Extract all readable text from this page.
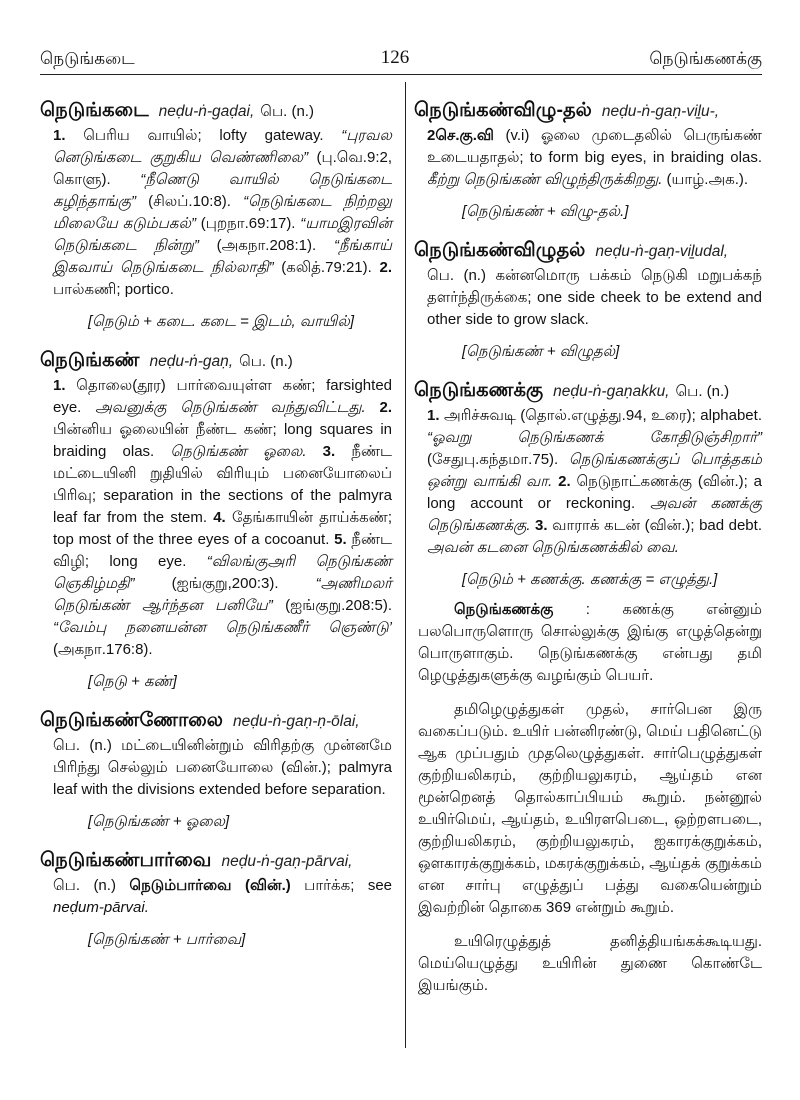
நெடுங்கடை	126	நெடுங்கணக்கு
நெடுங்கடை neḍu-ṅ-gaḍai, பெ. (n.)

1. பெரிய வாயில்; lofty gateway. “புரவல னெடுங்கடை குறுகிய வெண்ணிலை” (பு.வெ.9:2, கொளு). “நீணெடு வாயில் நெடுங்கடை கழிந்தாங்கு” (சிலப்.10:8). “நெடுங்கடை நிற்றலு மிலையே கடும்பகல்” (புறநா.69:17). “யாமஇரவின் நெடுங்கடை நின்று” (அகநா.208:1). “நீங்காய் இகவாய் நெடுங்கடை நில்லாதி” (கலித்.79:21). 2. பால்கணி; portico.

[நெடும் + கடை. கடை = இடம், வாயில்]
நெடுங்கண் neḍu-ṅ-gaṇ, பெ. (n.)

1. தொலை(தூர) பார்வையுள்ள கண்; farsighted eye. அவனுக்கு நெடுங்கண் வந்துவிட்டது. 2. பின்னிய ஓலையின் நீண்ட கண்; long squares in braiding olas. நெடுங்கண் ஓலை. 3. நீண்ட மட்டையினி றுதியில் விரியும் பனையோலைப் பிரிவு; separation in the sections of the palmyra leaf far from the stem. 4. தேங்காயின் தாய்க்கண்; top most of the three eyes of a cocoanut. 5. நீண்ட விழி; long eye. “விலங்குஅரி நெடுங்கண் ஞெகிழ்மதி” (ஐங்குறு,200:3). “அணிமலர் நெடுங்கண் ஆர்ந்தன பனியே” (ஐங்குறு.208:5). “வேம்பு நனையன்ன நெடுங்கணீர் ஞெண்டு’ (அகநா.176:8).

[நெடு + கண்]
நெடுங்கண்ணோலை neḍu-ṅ-gaṇ-ṇ-ōlai,

பெ. (n.) மட்டையினின்றும் விரிதற்கு முன்னமே பிரிந்து செல்லும் பனையோலை (வின்.); palmyra leaf with the divisions extended before separation.

[நெடுங்கண் + ஓலை]
நெடுங்கண்பார்வை neḍu-ṅ-gaṇ-pārvai,

பெ. (n.) நெடும்பார்வை (வின்.) பார்க்க; see neḍum-pārvai.

[நெடுங்கண் + பார்வை]
நெடுங்கண்விழு-தல் neḍu-ṅ-gaṇ-viḻu-,

2செ.கு.வி (v.i) ஓலை முடைதலில் பெருங்கண் உடையதாதல்; to form big eyes, in braiding olas. கீற்று நெடுங்கண் விழுந்திருக்கிறது. (யாழ்.அக.).

[நெடுங்கண் + விழு-தல்.]
நெடுங்கண்விழுதல் neḍu-ṅ-gaṇ-viḻudal,

பெ. (n.) கன்னமொரு பக்கம் நெடுகி மறுபக்கந் தளர்ந்திருக்கை; one side cheek to be extend and other side to grow slack.

[நெடுங்கண் + விழுதல்]
நெடுங்கணக்கு neḍu-ṅ-gaṇakku, பெ. (n.)

1. அரிச்சுவடி (தொல்.எழுத்து.94, உரை); alphabet. “ஓவறு நெடுங்கணக் கோதிடுஞ்சிறார்” (சேதுபு.கந்தமா.75). நெடுங்கணக்குப் பொத்தகம் ஒன்று வாங்கி வா. 2. நெடுநாட்கணக்கு (வின்.); a long account or reckoning. அவன் கணக்கு நெடுங்கணக்கு. 3. வாராக் கடன் (வின்.); bad debt. அவன் கடனை நெடுங்கணக்கில் வை.

[நெடும் + கணக்கு. கணக்கு = எழுத்து.]

நெடுங்கணக்கு : கணக்கு என்னும் பலபொருளொரு சொல்லுக்கு இங்கு எழுத்தென்று பொருளாகும். நெடுங்கணக்கு என்பது தமி ழெழுத்துகளுக்கு வழங்கும் பெயர்.

தமிழெழுத்துகள் முதல், சார்பென இரு வகைப்படும். உயிர் பன்னிரண்டு, மெய் பதினெட்டு ஆக முப்பதும் முதலெழுத்துகள். சார்பெழுத்துகள் குற்றியலிகரம், குற்றியலுகரம், ஆய்தம் என மூன்றெனத் தொல்காப்பியம் கூறும். நன்னூல் உயிர்மெய், ஆய்தம், உயிரளபெடை, ஒற்றளபடை, குற்றியலிகரம், குற்றியலுகரம், ஐகாரக்குறுக்கம், ஒளகாரக்குறுக்கம், மகரக்குறுக்கம், ஆய்தக் குறுக்கம் என சார்பு எழுத்துப் பத்து வகையென்றும் இவற்றின் தொகை 369 என்றும் கூறும்.

உயிரெழுத்துத் தனித்தியங்கக்கூடியது. மெய்யெழுத்து உயிரின் துணை கொண்டே இயங்கும்.
